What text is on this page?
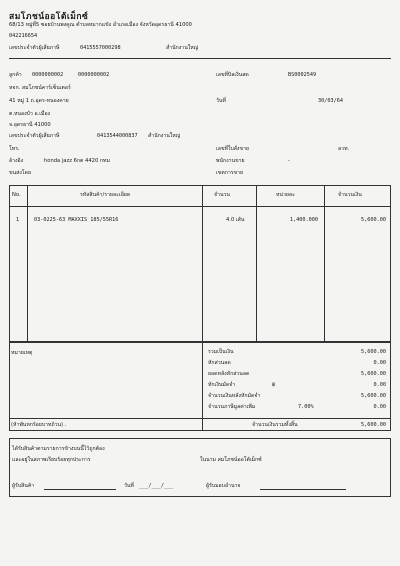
สมโภชน์ออโต้เม็กซ์
68/13 หมู่ที่5 ซอยบ้านพงคูณ ตำบลหมากแข้ง อำเภอเมือง จังหวัดอุดรธานี 41000
042216654
เลขประจำตัวผู้เสียภาษี	0415557000298	สำนักงานใหญ่
ลูกค้า 0000000002	0000000002
หจก. สมโภชน์คาร์เซ็นเตอร์
41 หมู่ 1 ถ.อุดร-หนองคาย
ต.หนองบัว อ.เมือง
จ.อุดรธานี 41000
เลขประจำตัวผู้เสียภาษี	0413544000837 สำนักงานใหญ่
โทร.
อ้างอิง	honda jazz 6กต 4420 กทม
ขนส่งโดย
เลขที่บิลเงินสด	BS0002549
วันที่	30/03/64
เลขที่ใบสั่งขาย	ลวท.
พนักงานขาย	-
เขตการขาย
No.	รหัสสินค้า/รายละเอียด	จำนวน	หน่วยละ	จำนวนเงิน
1	03-0225-63 MAXXIS 185/55R16	4.0 เส้น	1,400.000	5,600.00
หมายเหตุ
(ห้าพันหกร้อยบาทถ้วน) .
รวมเป็นเงิน	5,600.00
หักส่วนลด	0.00
ยอดหลังหักส่วนลด	5,600.00
หักเงินมัดจำ	฿	0.00
จำนวนเงินหลังหักมัดจำ	5,600.00
จำนวนภาษีมูลค่าเพิ่ม	7.00%	0.00
จำนวนเงินรวมทั้งสิ้น	5,600.00
ได้รับสินค้าตามรายการข้างบนนี้ไว้ถูกต้อง
และอยู่ในสภาพเรียบร้อยทุกประการ	ในนาม สมโภชน์ออโต้เม็กซ์
ผู้รับสินค้า	วันที่ ___/___/___	ผู้รับมอบอำนาจ
